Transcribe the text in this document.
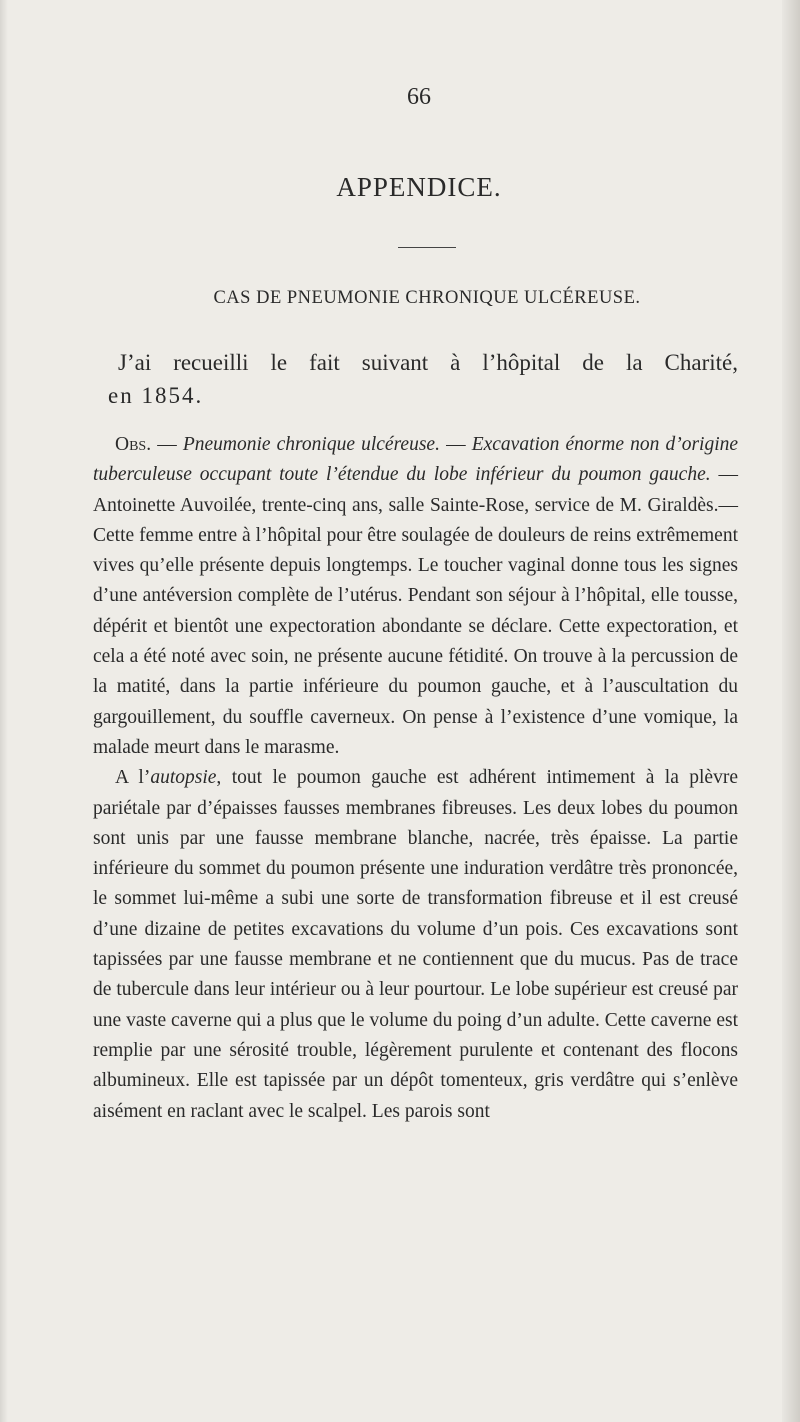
66
APPENDICE.
CAS DE PNEUMONIE CHRONIQUE ULCÉREUSE.
J’ai recueilli le fait suivant à l’hôpital de la Charité,
en 1854.

Obs. — Pneumonie chronique ulcéreuse. — Excavation énorme non d’origine tuberculeuse occupant toute l’étendue du lobe inférieur du poumon gauche. — Antoinette Auvoilée, trente-cinq ans, salle Sainte-Rose, service de M. Giraldès.—Cette femme entre à l’hôpital pour être soulagée de douleurs de reins extrêmement vives qu’elle présente depuis longtemps. Le toucher vaginal donne tous les signes d’une antéversion complète de l’utérus. Pendant son séjour à l’hôpital, elle tousse, dépérit et bientôt une expectoration abondante se déclare. Cette expectoration, et cela a été noté avec soin, ne présente aucune fétidité. On trouve à la percussion de la matité, dans la partie inférieure du poumon gauche, et à l’auscultation du gargouillement, du souffle caverneux. On pense à l’existence d’une vomique, la malade meurt dans le marasme.

A l’autopsie, tout le poumon gauche est adhérent intimement à la plèvre pariétale par d’épaisses fausses membranes fibreuses. Les deux lobes du poumon sont unis par une fausse membrane blanche, nacrée, très épaisse. La partie inférieure du sommet du poumon présente une induration verdâtre très prononcée, le sommet lui-même a subi une sorte de transformation fibreuse et il est creusé d’une dizaine de petites excavations du volume d’un pois. Ces excavations sont tapissées par une fausse membrane et ne contiennent que du mucus. Pas de trace de tubercule dans leur intérieur ou à leur pourtour. Le lobe supérieur est creusé par une vaste caverne qui a plus que le volume du poing d’un adulte. Cette caverne est remplie par une sérosité trouble, légèrement purulente et contenant des flocons albumineux. Elle est tapissée par un dépôt tomenteux, gris verdâtre qui s’enlève aisément en raclant avec le scalpel. Les parois sont
